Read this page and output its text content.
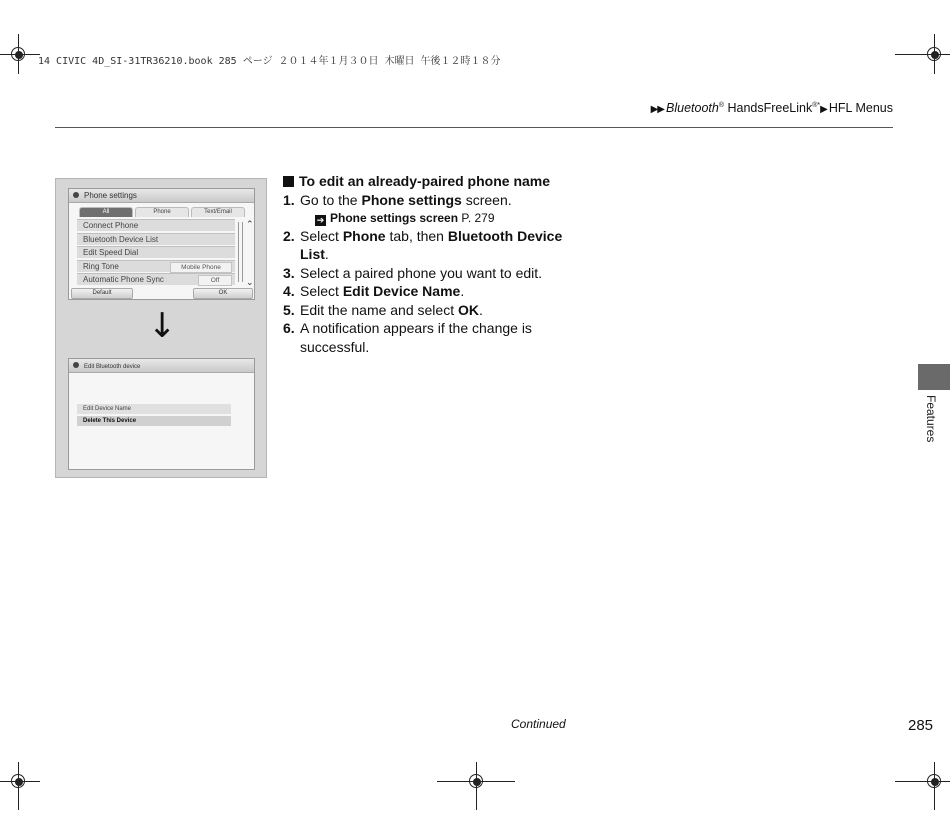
14 CIVIC 4D_SI-31TR36210.book 285 ページ ２０１４年１月３０日 木曜日 午後１２時１８分
▶▶ Bluetooth® HandsFreeLink®*▶ HFL Menus
Phone settings
All	Phone	Text/Email
Connect Phone
Bluetooth Device List
Edit Speed Dial
Ring Tone	Mobile Phone
Automatic Phone Sync	Off
⌃
⌄
Default	OK
↓
Edit Bluetooth device
Edit Device Name
Delete This Device
To edit an already-paired phone name
1. Go to the Phone settings screen.
➔ Phone settings screen P. 279
2. Select Phone tab, then Bluetooth Device List.
3. Select a paired phone you want to edit.
4. Select Edit Device Name.
5. Edit the name and select OK.
6. A notification appears if the change is successful.
Features
Continued	285
